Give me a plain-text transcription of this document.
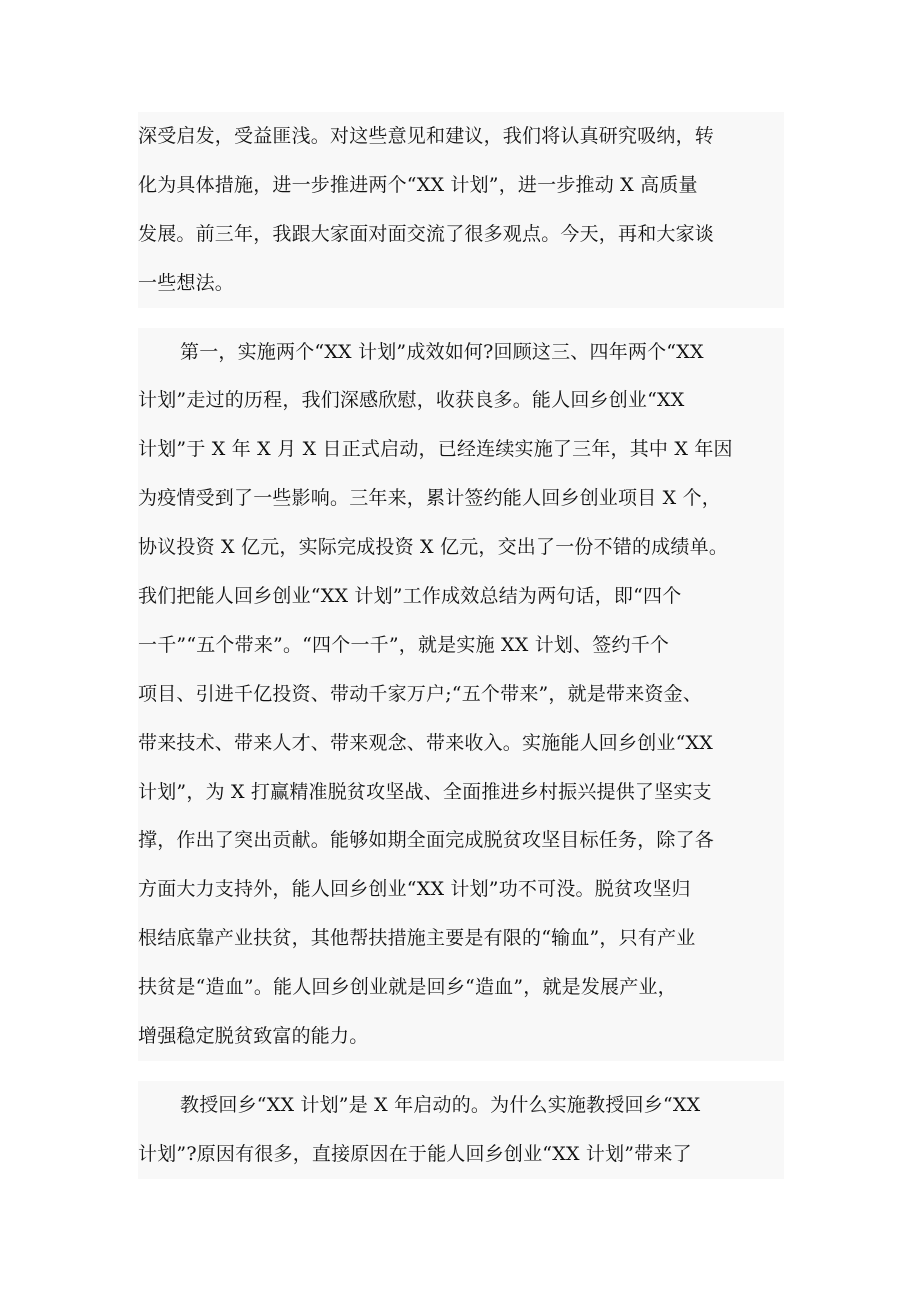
深受启发，受益匪浅。对这些意见和建议，我们将认真研究吸纳，转
化为具体措施，进一步推进两个“XX 计划”，进一步推动 X 高质量
发展。前三年，我跟大家面对面交流了很多观点。今天，再和大家谈
一些想法。
第一，实施两个“XX 计划”成效如何?回顾这三、四年两个“XX
计划”走过的历程，我们深感欣慰，收获良多。能人回乡创业“XX
计划”于 X 年 X 月 X 日正式启动，已经连续实施了三年，其中 X 年因
为疫情受到了一些影响。三年来，累计签约能人回乡创业项目 X 个，
协议投资 X 亿元，实际完成投资 X 亿元，交出了一份不错的成绩单。
我们把能人回乡创业“XX 计划”工作成效总结为两句话，即“四个
一千”“五个带来”。“四个一千”，就是实施 XX 计划、签约千个
项目、引进千亿投资、带动千家万户;“五个带来”，就是带来资金、
带来技术、带来人才、带来观念、带来收入。实施能人回乡创业“XX
计划”，为 X 打赢精准脱贫攻坚战、全面推进乡村振兴提供了坚实支
撑，作出了突出贡献。能够如期全面完成脱贫攻坚目标任务，除了各
方面大力支持外，能人回乡创业“XX 计划”功不可没。脱贫攻坚归
根结底靠产业扶贫，其他帮扶措施主要是有限的“输血”，只有产业
扶贫是“造血”。能人回乡创业就是回乡“造血”，就是发展产业，
增强稳定脱贫致富的能力。
教授回乡“XX 计划”是 X 年启动的。为什么实施教授回乡“XX
计划”?原因有很多，直接原因在于能人回乡创业“XX 计划”带来了
